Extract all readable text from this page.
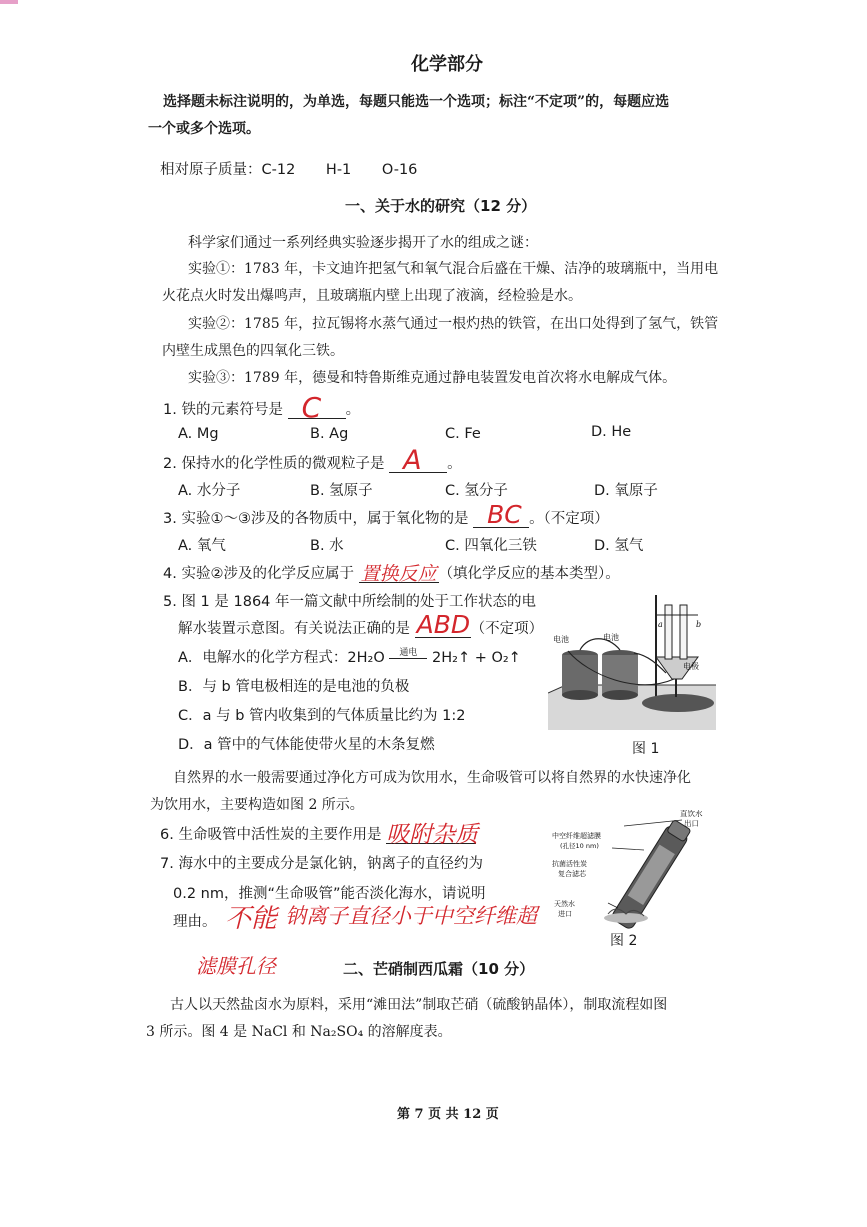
化学部分
选择题未标注说明的，为单选，每题只能选一个选项；标注“不定项”的，每题应选
一个或多个选项。
相对原子质量：C-12 H-1 O-16
一、关于水的研究（12 分）
科学家们通过一系列经典实验逐步揭开了水的组成之谜：
实验①：1783 年，卡文迪许把氢气和氧气混合后盛在干燥、洁净的玻璃瓶中，当用电
火花点火时发出爆鸣声，且玻璃瓶内壁上出现了液滴，经检验是水。
实验②：1785 年，拉瓦锡将水蒸气通过一根灼热的铁管，在出口处得到了氢气，铁管
内壁生成黑色的四氧化三铁。
实验③：1789 年，德曼和特鲁斯维克通过静电装置发电首次将水电解成气体。
1. 铁的元素符号是 C 。
A. Mg	B. Ag	C. Fe	D. He
2. 保持水的化学性质的微观粒子是 A 。
A. 水分子	B. 氢原子	C. 氢分子	D. 氧原子
3. 实验①～③涉及的各物质中，属于氧化物的是 BC 。（不定项）
A. 氧气	B. 水	C. 四氧化三铁	D. 氢气
4. 实验②涉及的化学反应属于 置换反应 （填化学反应的基本类型）。
5. 图 1 是 1864 年一篇文献中所绘制的处于工作状态的电
解水装置示意图。有关说法正确的是 ABD （不定项）
A．电解水的化学方程式：2H₂O	通电
	2H₂↑ + O₂↑
B．与 b 管电极相连的是电池的负极
C．a 与 b 管内收集到的气体质量比约为 1:2
D．a 管中的气体能使带火星的木条复燃
电池	电池
电极
a	b
图 1
自然界的水一般需要通过净化方可成为饮用水，生命吸管可以将自然界的水快速净化
为饮用水，主要构造如图 2 所示。
6. 生命吸管中活性炭的主要作用是 吸附杂质
7. 海水中的主要成分是氯化钠，钠离子的直径约为
0.2 nm，推测“生命吸管”能否淡化海水，请说明
理由。 不能 钠离子直径小于中空纤维超
滤膜孔径
直饮水
出口
中空纤维超滤膜
(孔径10 nm)
抗菌活性炭
复合滤芯
天然水
进口
图 2
二、芒硝制西瓜霜（10 分）
古人以天然盐卤水为原料，采用“滩田法”制取芒硝（硫酸钠晶体），制取流程如图
3 所示。图 4 是 NaCl 和 Na₂SO₄ 的溶解度表。
第 7 页 共 12 页
